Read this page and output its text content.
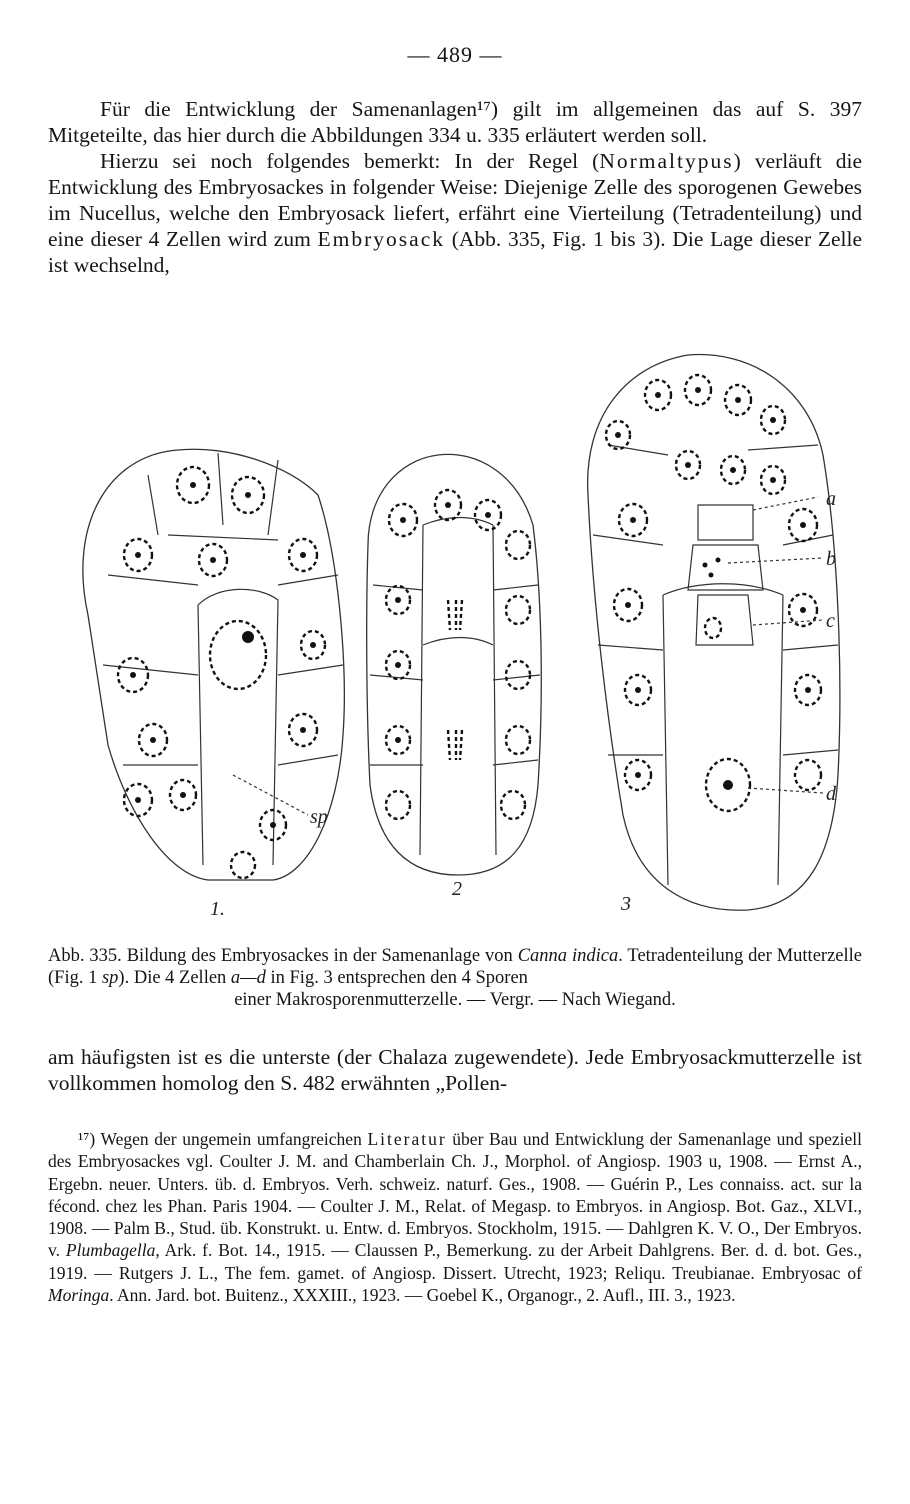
— 489 —

Für die Entwicklung der Samenanlagen¹⁷) gilt im allgemeinen das auf S. 397 Mitgeteilte, das hier durch die Abbildungen 334 u. 335 erläutert werden soll.

Hierzu sei noch folgendes bemerkt: In der Regel (Normaltypus) verläuft die Entwicklung des Embryosackes in folgender Weise: Diejenige Zelle des sporogenen Gewebes im Nucellus, welche den Embryosack liefert, erfährt eine Vierteilung (Tetradenteilung) und eine dieser 4 Zellen wird zum Embryosack (Abb. 335, Fig. 1 bis 3). Die Lage dieser Zelle ist wechselnd,

sp
1.
2
a
b
c
d
3
Abb. 335. Bildung des Embryosackes in der Samenanlage von Canna indica. Tetradenteilung der Mutterzelle (Fig. 1 sp). Die 4 Zellen a—d in Fig. 3 entsprechen den 4 Sporen
einer Makrosporenmutterzelle. — Vergr. — Nach Wiegand.

am häufigsten ist es die unterste (der Chalaza zugewendete). Jede Embryosackmutterzelle ist vollkommen homolog den S. 482 erwähnten „Pollen-

¹⁷) Wegen der ungemein umfangreichen Literatur über Bau und Entwicklung der Samenanlage und speziell des Embryosackes vgl. Coulter J. M. and Chamberlain Ch. J., Morphol. of Angiosp. 1903 u, 1908. — Ernst A., Ergebn. neuer. Unters. üb. d. Embryos. Verh. schweiz. naturf. Ges., 1908. — Guérin P., Les connaiss. act. sur la fécond. chez les Phan. Paris 1904. — Coulter J. M., Relat. of Megasp. to Embryos. in Angiosp. Bot. Gaz., XLVI., 1908. — Palm B., Stud. üb. Konstrukt. u. Entw. d. Embryos. Stockholm, 1915. — Dahlgren K. V. O., Der Embryos. v. Plumbagella, Ark. f. Bot. 14., 1915. — Claussen P., Bemerkung. zu der Arbeit Dahlgrens. Ber. d. d. bot. Ges., 1919. — Rutgers J. L., The fem. gamet. of Angiosp. Dissert. Utrecht, 1923; Reliqu. Treubianae. Embryosac of Moringa. Ann. Jard. bot. Buitenz., XXXIII., 1923. — Goebel K., Organogr., 2. Aufl., III. 3., 1923.
